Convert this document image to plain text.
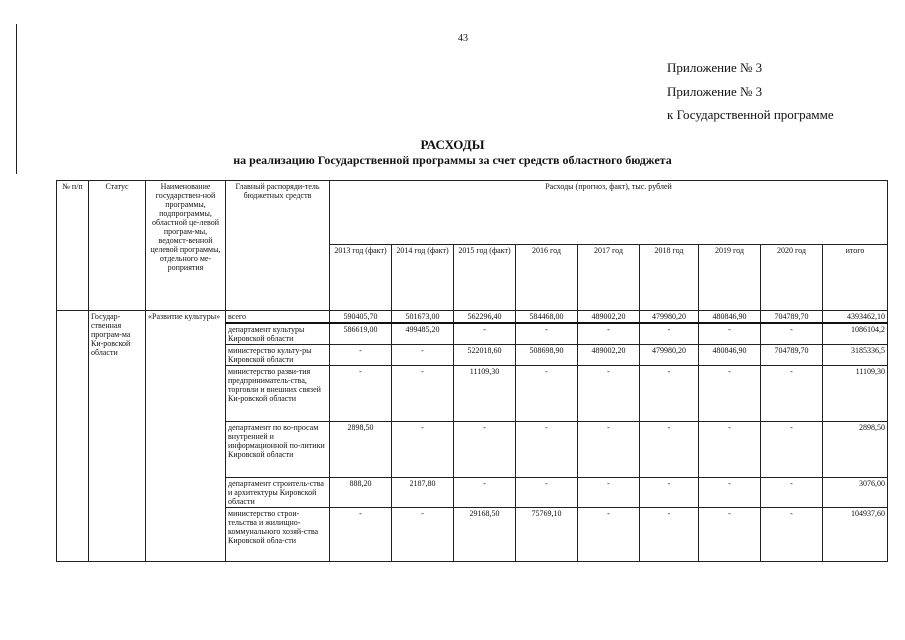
43
Приложение № 3
Приложение № 3
к Государственной программе
РАСХОДЫ
на реализацию Государственной программы за счет средств областного бюджета
№ п/п	Статус	Наименование государствен-ной программы, подпрограммы, областной це-левой програм-мы, ведомст-венной целевой программы, отдельного ме-роприятия	Главный распоряди-тель бюджетных средств	Расходы (прогноз, факт), тыс. рублей								
				2013 год (факт)	2014 год (факт)	2015 год (факт)	2016 год	2017 год	2018 год	2019 год	2020 год	итого
	Государ-ственная програм-ма Ки-ровской области	«Развитие культуры»	всего	590405,70	501673,00	562296,40	584468,00	489002,20	479980,20	480846,90	704789,70	4393462,10
			департамент культуры Кировской области	586619,00	499485,20	-	-	-	-	-	-	1086104,2
			министерство культу-ры Кировской области	-	-	522018,60	508698,90	489002,20	479980,20	480846,90	704789,70	3185336,5
			министерство разви-тия предприниматель-ства, торговли и внешних связей Ки-ровской области	-	-	11109,30	-	-	-	-	-	11109,30
			департамент по во-просам внутренней и информационной по-литики Кировской области	2898,50	-	-	-	-	-	-	-	2898,50
			департамент строитель-ства и архитектуры Кировской области	888,20	2187,80	-	-	-	-	-	-	3076,00
			министерство строи-тельства и жилищно-коммунального хозяй-ства Кировской обла-сти	-	-	29168,50	75769,10	-	-	-	-	104937,60
